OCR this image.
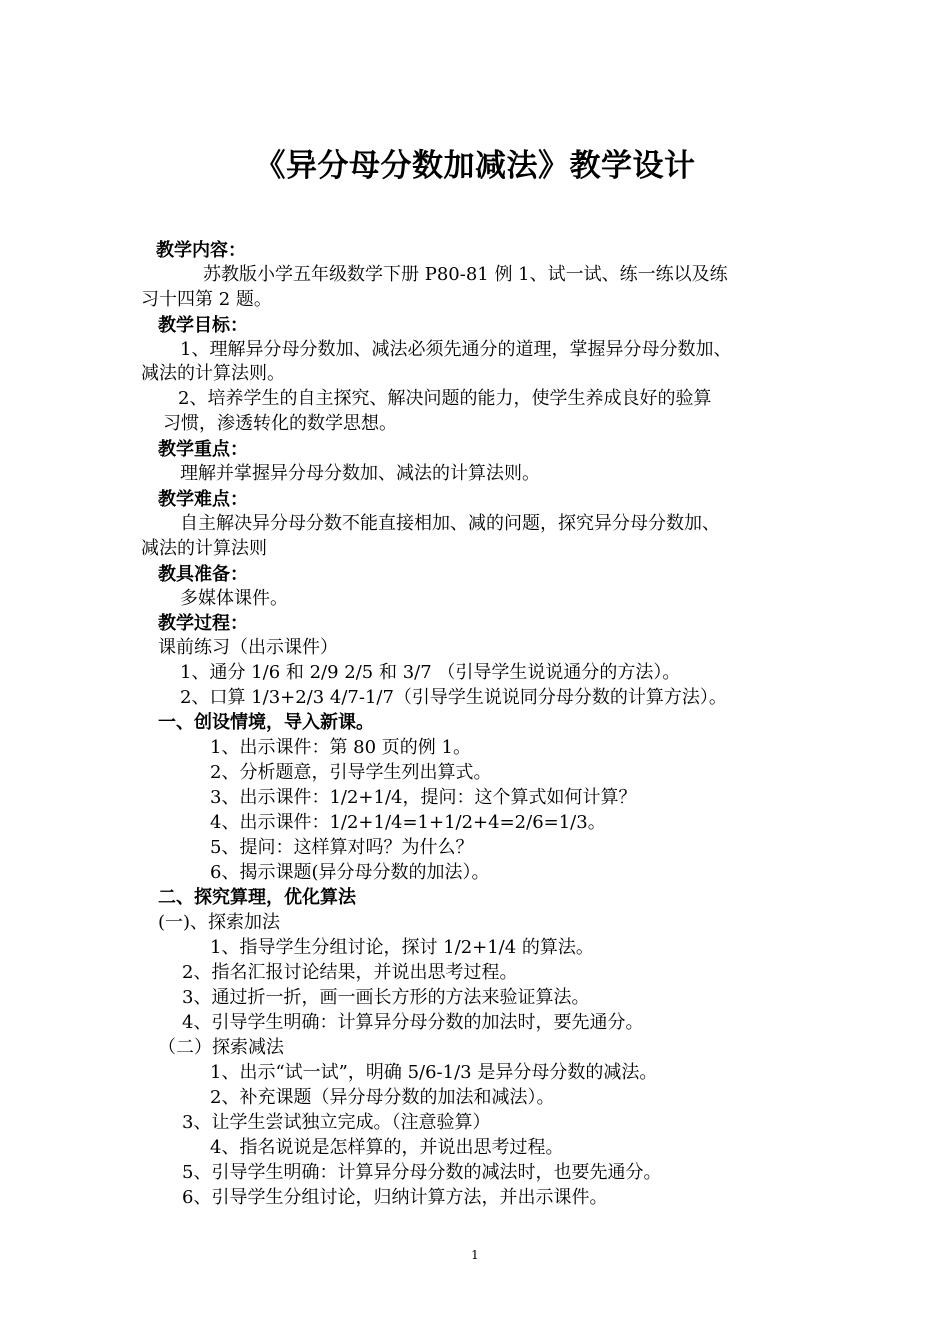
《异分母分数加减法》教学设计
教学内容：
苏教版小学五年级数学下册 P80-81 例 1、试一试、练一练以及练
习十四第 2 题。
教学目标：
1、理解异分母分数加、减法必须先通分的道理，掌握异分母分数加、
减法的计算法则。
2、培养学生的自主探究、解决问题的能力，使学生养成良好的验算
习惯，渗透转化的数学思想。
教学重点：
理解并掌握异分母分数加、减法的计算法则。
教学难点：
自主解决异分母分数不能直接相加、减的问题，探究异分母分数加、
减法的计算法则
教具准备：
多媒体课件。
教学过程：
课前练习（出示课件）
1、通分 1/6 和 2/9 2/5 和 3/7 （引导学生说说通分的方法）。
2、口算 1/3+2/3 4/7-1/7（引导学生说说同分母分数的计算方法）。
一、创设情境，导入新课。
1、出示课件：第 80 页的例 1。
2、分析题意，引导学生列出算式。
3、出示课件：1/2+1/4，提问：这个算式如何计算？
4、出示课件：1/2+1/4=1+1/2+4=2/6=1/3。
5、提问：这样算对吗？为什么？
6、揭示课题(异分母分数的加法）。
二、探究算理，优化算法
(一)、探索加法
1、指导学生分组讨论，探讨 1/2+1/4 的算法。
2、指名汇报讨论结果，并说出思考过程。
3、通过折一折，画一画长方形的方法来验证算法。
4、引导学生明确：计算异分母分数的加法时，要先通分。
（二）探索减法
1、出示“试一试”，明确 5/6-1/3 是异分母分数的减法。
2、补充课题（异分母分数的加法和减法）。
3、让学生尝试独立完成。（注意验算）
4、指名说说是怎样算的，并说出思考过程。
5、引导学生明确：计算异分母分数的减法时，也要先通分。
6、引导学生分组讨论，归纳计算方法，并出示课件。
1
